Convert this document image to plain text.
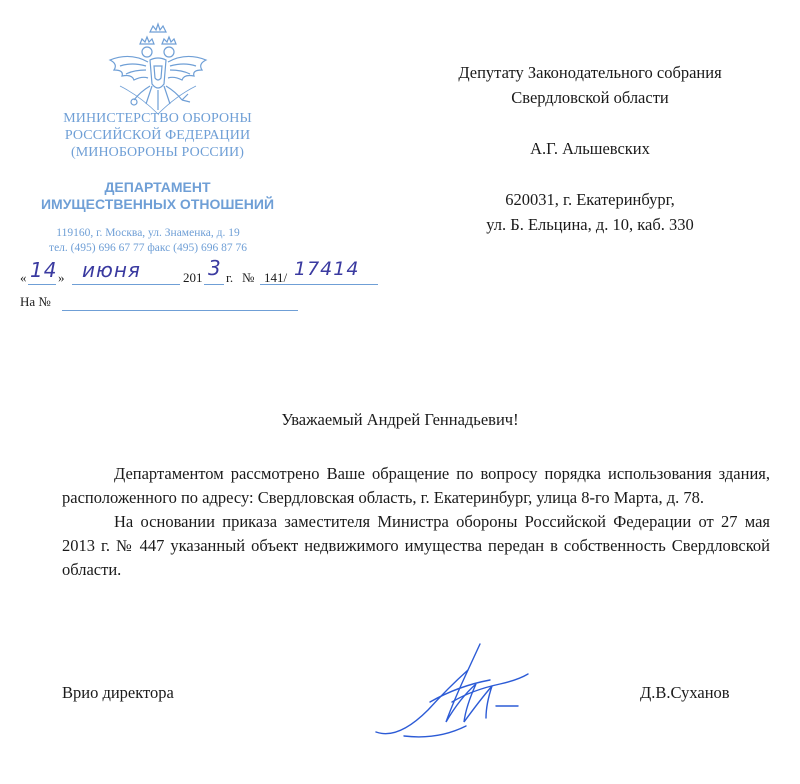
МИНИСТЕРСТВО ОБОРОНЫ
РОССИЙСКОЙ ФЕДЕРАЦИИ
(МИНОБОРОНЫ РОССИИ)
ДЕПАРТАМЕНТ
ИМУЩЕСТВЕННЫХ ОТНОШЕНИЙ
119160, г. Москва, ул. Знаменка, д. 19
тел. (495) 696 67 77 факс (495) 696 87 76
« 14 » июня	201 3 г. № 141/ 17414
На №
Депутату Законодательного собрания
Свердловской области
А.Г. Альшевских
620031, г. Екатеринбург,
ул. Б. Ельцина, д. 10, каб. 330
Уважаемый Андрей Геннадьевич!

Департаментом рассмотрено Ваше обращение по вопросу порядка использования здания, расположенного по адресу: Свердловская область, г. Екатеринбург, улица 8-го Марта, д. 78.

На основании приказа заместителя Министра обороны Российской Федерации от 27 мая 2013 г. № 447 указанный объект недвижимого имущества передан в собственность Свердловской области.

Врио директора	Д.В.Суханов
